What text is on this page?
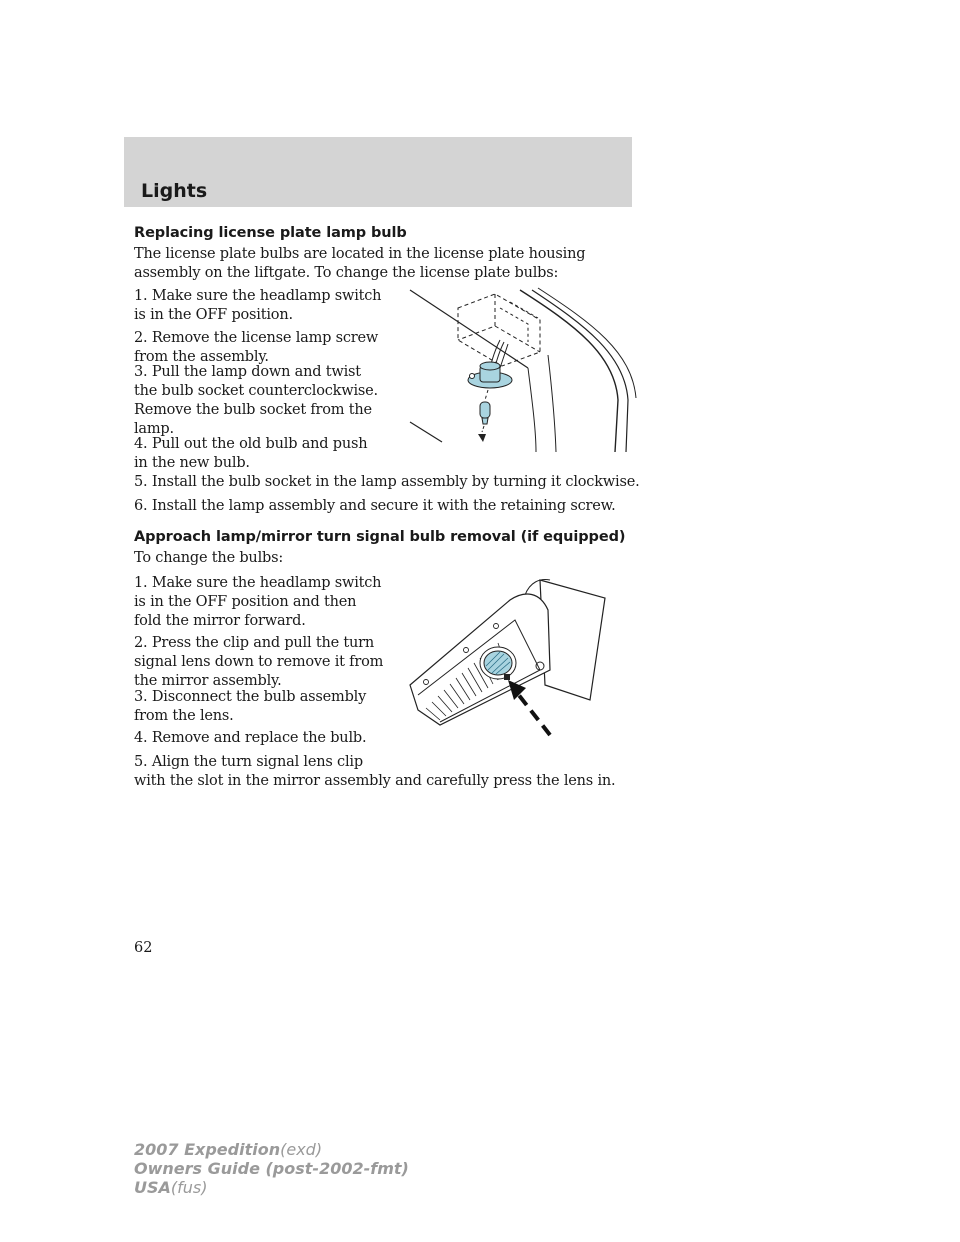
Lights
Replacing license plate lamp bulb

The license plate bulbs are located in the license plate housing assembly on the liftgate. To change the license plate bulbs:

1. Make sure the headlamp switch is in the OFF position.

2. Remove the license lamp screw from the assembly.

3. Pull the lamp down and twist the bulb socket counterclockwise. Remove the bulb socket from the lamp.

4. Pull out the old bulb and push in the new bulb.

5. Install the bulb socket in the lamp assembly by turning it clockwise.

6. Install the lamp assembly and secure it with the retaining screw.

Approach lamp/mirror turn signal bulb removal (if equipped)

To change the bulbs:

1. Make sure the headlamp switch is in the OFF position and then fold the mirror forward.

2. Press the clip and pull the turn signal lens down to remove it from the mirror assembly.

3. Disconnect the bulb assembly from the lens.

4. Remove and replace the bulb.

5. Align the turn signal lens clip

with the slot in the mirror assembly and carefully press the lens in.

62
2007 Expedition(exd)
Owners Guide (post-2002-fmt)
USA(fus)
